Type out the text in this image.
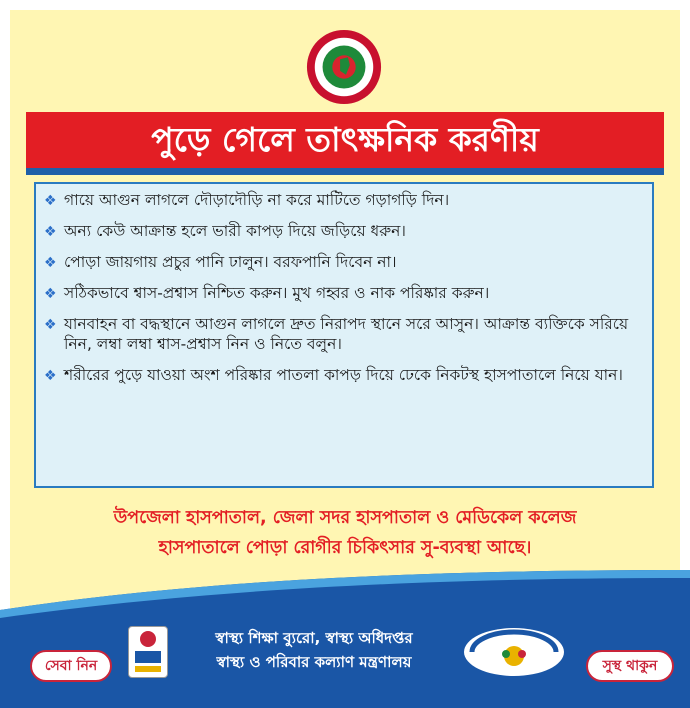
পুড়ে গেলে তাৎক্ষনিক করণীয়
❖ গায়ে আগুন লাগলে দৌড়াদৌড়ি না করে মাটিতে গড়াগড়ি দিন।
❖ অন্য কেউ আক্রান্ত হলে ভারী কাপড় দিয়ে জড়িয়ে ধরুন।
❖ পোড়া জায়গায় প্রচুর পানি ঢালুন। বরফপানি দিবেন না।
❖ সঠিকভাবে শ্বাস-প্রশ্বাস নিশ্চিত করুন। মুখ গহ্বর ও নাক পরিষ্কার করুন।
❖ যানবাহন বা বদ্ধস্থানে আগুন লাগলে দ্রুত নিরাপদ স্থানে সরে আসুন। আক্রান্ত ব্যক্তিকে সরিয়ে নিন, লম্বা লম্বা শ্বাস-প্রশ্বাস নিন ও নিতে বলুন।
❖ শরীরের পুড়ে যাওয়া অংশ পরিষ্কার পাতলা কাপড় দিয়ে ঢেকে নিকটস্থ হাসপাতালে নিয়ে যান।
উপজেলা হাসপাতাল, জেলা সদর হাসপাতাল ও মেডিকেল কলেজ
হাসপাতালে পোড়া রোগীর চিকিৎসার সু-ব্যবস্থা আছে।
সেবা নিন
স্বাস্থ্য শিক্ষা ব্যুরো, স্বাস্থ্য অধিদপ্তর
স্বাস্থ্য ও পরিবার কল্যাণ মন্ত্রণালয়	সুস্থ থাকুন
